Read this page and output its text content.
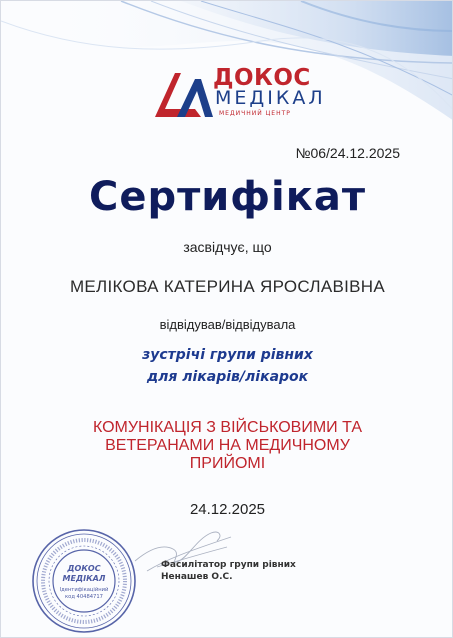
ДОКОС
МЕДІКАЛ
МЕДИЧНИЙ ЦЕНТР
№06/24.12.2025
Сертифікат
засвідчує, що
МЕЛІКОВА КАТЕРИНА ЯРОСЛАВІВНА
відвідував/відвідувала
зустрічі групи рівних
для лікарів/лікарок
КОМУНІКАЦІЯ З ВІЙСЬКОВИМИ ТА
ВЕТЕРАНАМИ НА МЕДИЧНОМУ
ПРИЙОМІ
24.12.2025
ДОКОС
МЕДІКАЛ
Ідентифікаційний
код 40484717
Фасилітатор групи рівних
Ненашев О.С.
